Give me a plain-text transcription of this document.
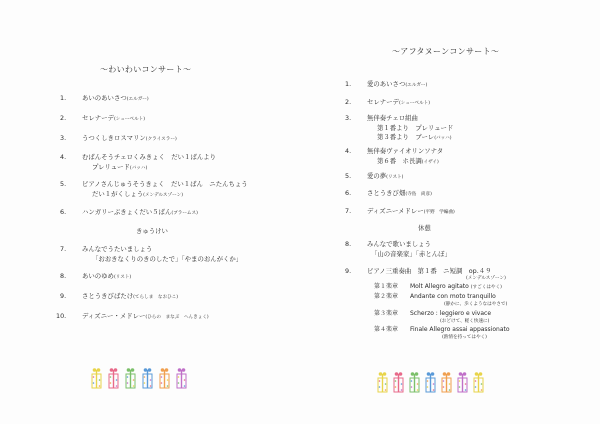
～わいわいコンサート～
1.	あいのあいさつ(エルガー)
2.	セレナーデ(シューベルト)
3.	うつくしきロスマリン(クライスラー)
4.	むばんそうチェロくみきょく　だい１ばんより
プレリュード(バッハ)
5.	ピアノさんじゅうそうきょく　だい１ばん　ニたんちょう
だい１がくしょう(メンデルスゾーン)
6.	ハンガリーぶきょくだい５ばん(ブラームス)
きゅうけい
7.	みんなでうたいましょう
「おおきなくりのきのしたで」「やまのおんがくか」
8.	あいのゆめ(リスト)
9.	さとうきびばたけ(てらしま　なおひこ)
10.	ディズニー・メドレー(ひらの　まなぶ　へんきょく)
～アフタヌーンコンサート～
1.	愛のあいさつ(エルガー)
2.	セレナーデ(シューベルト)
3.	無伴奏チェロ組曲
第１番より　プレリュード
第３番より　ブーレ(バッハ)
4.	無伴奏ヴァイオリンソナタ
第６番　ホ長調(イザイ)
5.	愛の夢(リスト)
6.	さとうきび畑(寺島　尚彦)
7.	ディズニーメドレー(平野　学編曲)
休憩
8.	みんなで歌いましょう
「山の音楽家」「赤とんぼ」
9.	ピアノ三重奏曲　第１番　ニ短調　op.４９
(メンデルスゾーン)
第１楽章 Molt Allegro agitato (すごくはやく)
第２楽章 Andante con moto tranquillo
(静かに、歩くようなはやさで)
第３楽章 Scherzo : leggiero e vivace
(おどけて、軽く快速に)
第４楽章 Finale Allegro assai appassionato
(熱情を持ってはやく)
